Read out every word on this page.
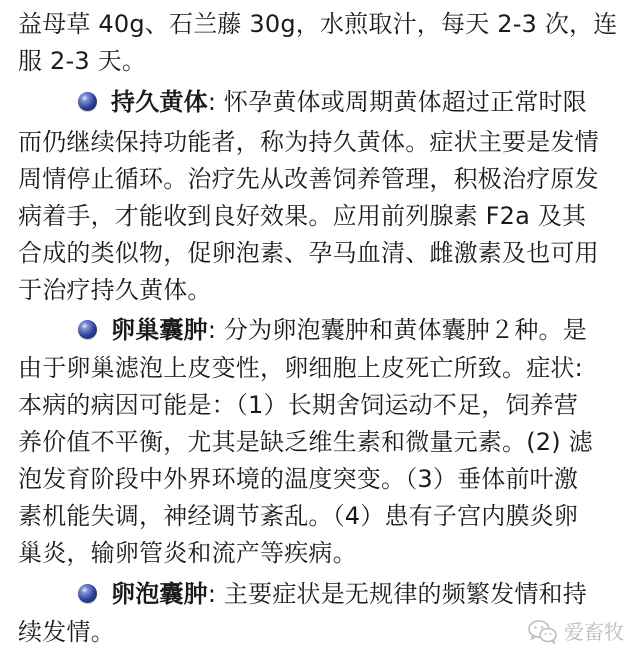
益母草 40g、石兰藤 30g，水煎取汁，每天 2-3 次，连
服 2-3 天。
持久黄体: 怀孕黄体或周期黄体超过正常时限
而仍继续保持功能者，称为持久黄体。症状主要是发情
周情停止循环。治疗先从改善饲养管理，积极治疗原发
病着手，才能收到良好效果。应用前列腺素 F2a 及其
合成的类似物，促卵泡素、孕马血清、雌激素及也可用
于治疗持久黄体。
卵巢囊肿: 分为卵泡囊肿和黄体囊肿２种。是
由于卵巢滤泡上皮变性，卵细胞上皮死亡所致。症状:
本病的病因可能是：（1）长期舍饲运动不足，饲养营
养价值不平衡，尤其是缺乏维生素和微量元素。(2) 滤
泡发育阶段中外界环境的温度突变。（3）垂体前叶激
素机能失调，神经调节紊乱。（4）患有子宫内膜炎卵
巢炎，输卵管炎和流产等疾病。
卵泡囊肿: 主要症状是无规律的频繁发情和持
续发情。	爱畜牧
